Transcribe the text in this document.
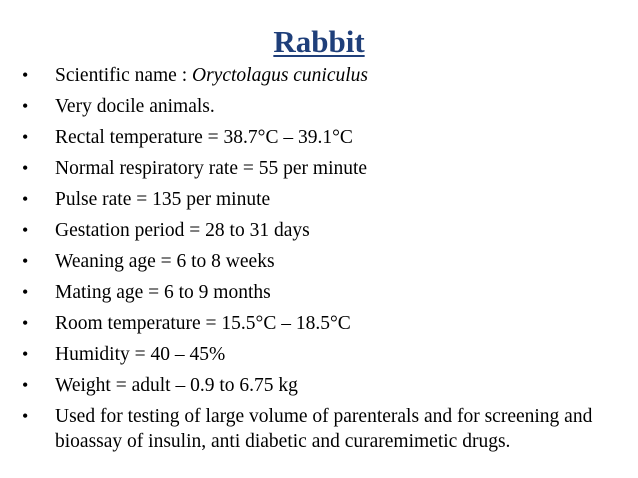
Rabbit
•	Scientific name : Oryctolagus cuniculus
•	Very docile animals.
•	Rectal temperature = 38.7°C – 39.1°C
•	Normal respiratory rate = 55 per minute
•	Pulse rate = 135 per minute
•	Gestation period = 28 to 31 days
•	Weaning age = 6 to 8 weeks
•	Mating age = 6 to 9 months
•	Room temperature = 15.5°C – 18.5°C
•	Humidity = 40 – 45%
•	Weight = adult – 0.9 to 6.75 kg
•	Used for testing of large volume of parenterals and for screening and bioassay of insulin, anti diabetic and curaremimetic drugs.
